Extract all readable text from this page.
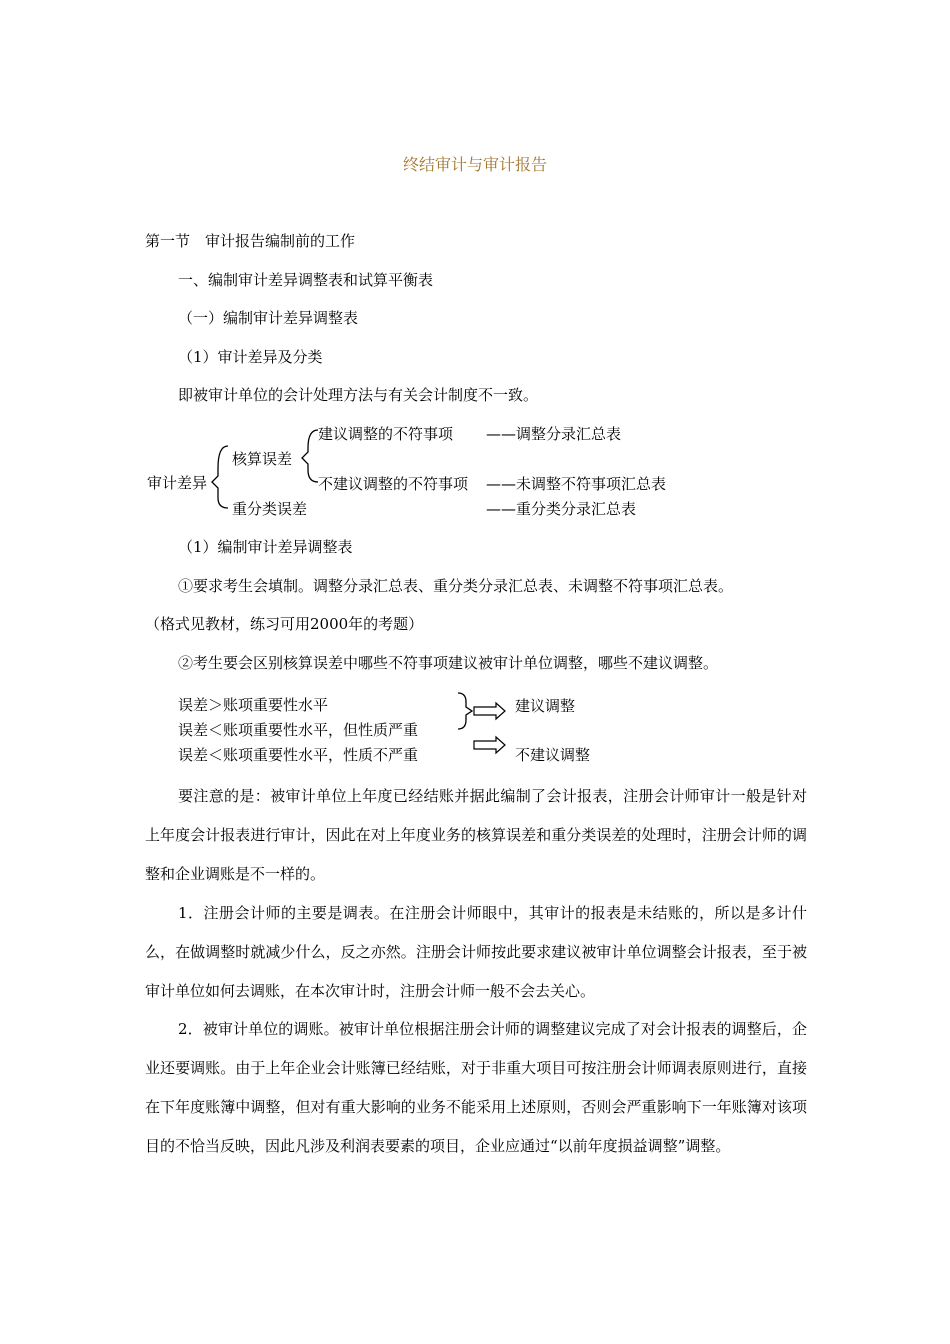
终结审计与审计报告
第一节　审计报告编制前的工作
一、编制审计差异调整表和试算平衡表
（一）编制审计差异调整表
（1）审计差异及分类
即被审计单位的会计处理方法与有关会计制度不一致。
审计差异
核算误差
重分类误差
建议调整的不符事项
不建议调整的不符事项
——调整分录汇总表
——未调整不符事项汇总表
——重分类分录汇总表
（1）编制审计差异调整表
①要求考生会填制。调整分录汇总表、重分类分录汇总表、未调整不符事项汇总表。
（格式见教材，练习可用2000年的考题）
②考生要会区别核算误差中哪些不符事项建议被审计单位调整，哪些不建议调整。
误差＞账项重要性水平
误差＜账项重要性水平，但性质严重
误差＜账项重要性水平，性质不严重
建议调整
不建议调整
要注意的是：被审计单位上年度已经结账并据此编制了会计报表，注册会计师审计一般是针对上年度会计报表进行审计，因此在对上年度业务的核算误差和重分类误差的处理时，注册会计师的调整和企业调账是不一样的。
1．注册会计师的主要是调表。在注册会计师眼中，其审计的报表是未结账的，所以是多计什么，在做调整时就减少什么，反之亦然。注册会计师按此要求建议被审计单位调整会计报表，至于被审计单位如何去调账，在本次审计时，注册会计师一般不会去关心。
2．被审计单位的调账。被审计单位根据注册会计师的调整建议完成了对会计报表的调整后，企业还要调账。由于上年企业会计账簿已经结账，对于非重大项目可按注册会计师调表原则进行，直接在下年度账簿中调整，但对有重大影响的业务不能采用上述原则，否则会严重影响下一年账簿对该项目的不恰当反映，因此凡涉及利润表要素的项目，企业应通过“以前年度损益调整”调整。
